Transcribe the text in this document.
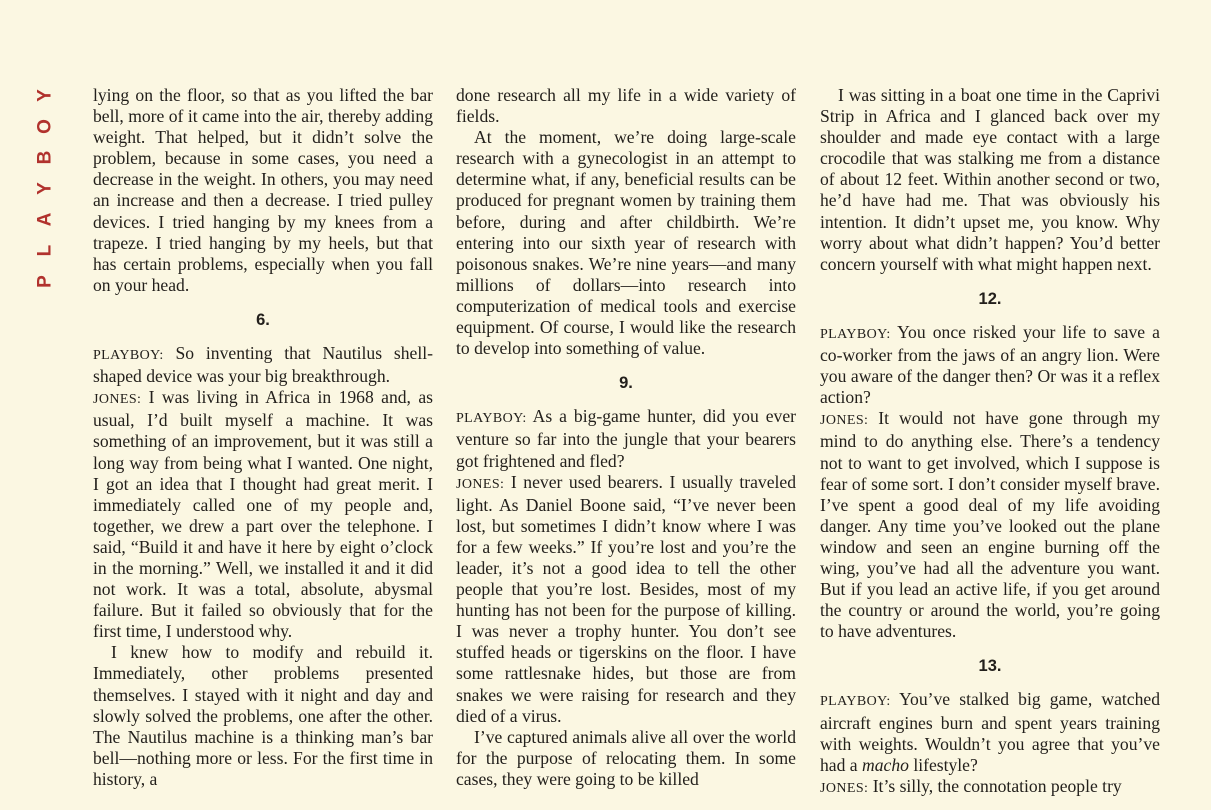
Y
O
B
Y
A
L
P

lying on the floor, so that as you lifted the bar bell, more of it came into the air, thereby adding weight. That helped, but it didn’t solve the problem, because in some cases, you need a decrease in the weight. In others, you may need an increase and then a decrease. I tried pulley devices. I tried hanging by my knees from a trapeze. I tried hanging by my heels, but that has certain problems, especially when you fall on your head.

6.

PLAYBOY: So inventing that Nautilus shell-shaped device was your big breakthrough.

JONES: I was living in Africa in 1968 and, as usual, I’d built myself a machine. It was something of an improvement, but it was still a long way from being what I wanted. One night, I got an idea that I thought had great merit. I immediately called one of my people and, together, we drew a part over the telephone. I said, “Build it and have it here by eight o’clock in the morning.” Well, we installed it and it did not work. It was a total, absolute, abysmal failure. But it failed so obviously that for the first time, I understood why.

I knew how to modify and rebuild it. Immediately, other problems presented themselves. I stayed with it night and day and slowly solved the problems, one after the other. The Nautilus machine is a thinking man’s bar bell—nothing more or less. For the first time in history, a

done research all my life in a wide variety of fields.

At the moment, we’re doing large-scale research with a gynecologist in an attempt to determine what, if any, beneficial results can be produced for pregnant women by training them before, during and after childbirth. We’re entering into our sixth year of research with poisonous snakes. We’re nine years—and many millions of dollars—into research into computerization of medical tools and exercise equipment. Of course, I would like the research to develop into something of value.

9.

PLAYBOY: As a big-game hunter, did you ever venture so far into the jungle that your bearers got frightened and fled?

JONES: I never used bearers. I usually traveled light. As Daniel Boone said, “I’ve never been lost, but sometimes I didn’t know where I was for a few weeks.” If you’re lost and you’re the leader, it’s not a good idea to tell the other people that you’re lost. Besides, most of my hunting has not been for the purpose of killing. I was never a trophy hunter. You don’t see stuffed heads or tigerskins on the floor. I have some rattlesnake hides, but those are from snakes we were raising for research and they died of a virus.

I’ve captured animals alive all over the world for the purpose of relocating them. In some cases, they were going to be killed

I was sitting in a boat one time in the Caprivi Strip in Africa and I glanced back over my shoulder and made eye contact with a large crocodile that was stalking me from a distance of about 12 feet. Within another second or two, he’d have had me. That was obviously his intention. It didn’t upset me, you know. Why worry about what didn’t happen? You’d better concern yourself with what might happen next.

12.

PLAYBOY: You once risked your life to save a co-worker from the jaws of an angry lion. Were you aware of the danger then? Or was it a reflex action?

JONES: It would not have gone through my mind to do anything else. There’s a tendency not to want to get involved, which I suppose is fear of some sort. I don’t consider myself brave. I’ve spent a good deal of my life avoiding danger. Any time you’ve looked out the plane window and seen an engine burning off the wing, you’ve had all the adventure you want. But if you lead an active life, if you get around the country or around the world, you’re going to have adventures.

13.

PLAYBOY: You’ve stalked big game, watched aircraft engines burn and spent years training with weights. Wouldn’t you agree that you’ve had a macho lifestyle?

JONES: It’s silly, the connotation people try
